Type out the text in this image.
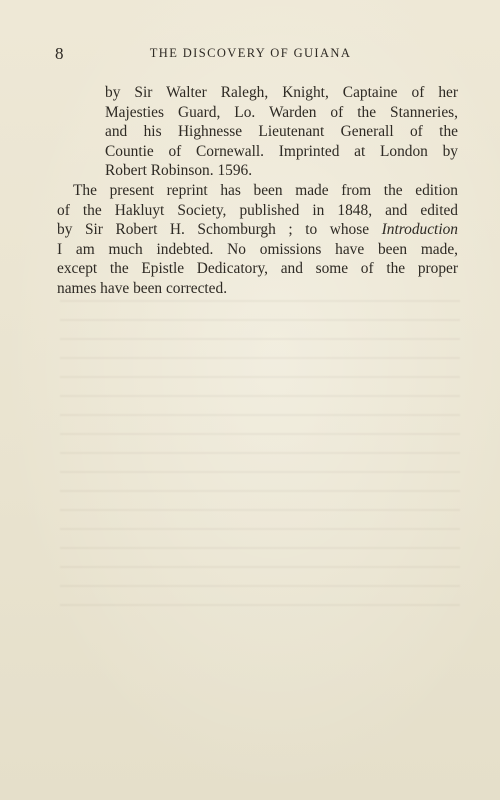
8	THE DISCOVERY OF GUIANA
by Sir Walter Ralegh, Knight, Captaine of her
Majesties Guard, Lo. Warden of the Stanneries,
and his Highnesse Lieutenant Generall of the
Countie of Cornewall. Imprinted at London by
Robert Robinson. 1596.
The present reprint has been made from the edition
of the Hakluyt Society, published in 1848, and edited
by Sir Robert H. Schomburgh ; to whose Introduction
I am much indebted. No omissions have been made,
except the Epistle Dedicatory, and some of the proper
names have been corrected.
